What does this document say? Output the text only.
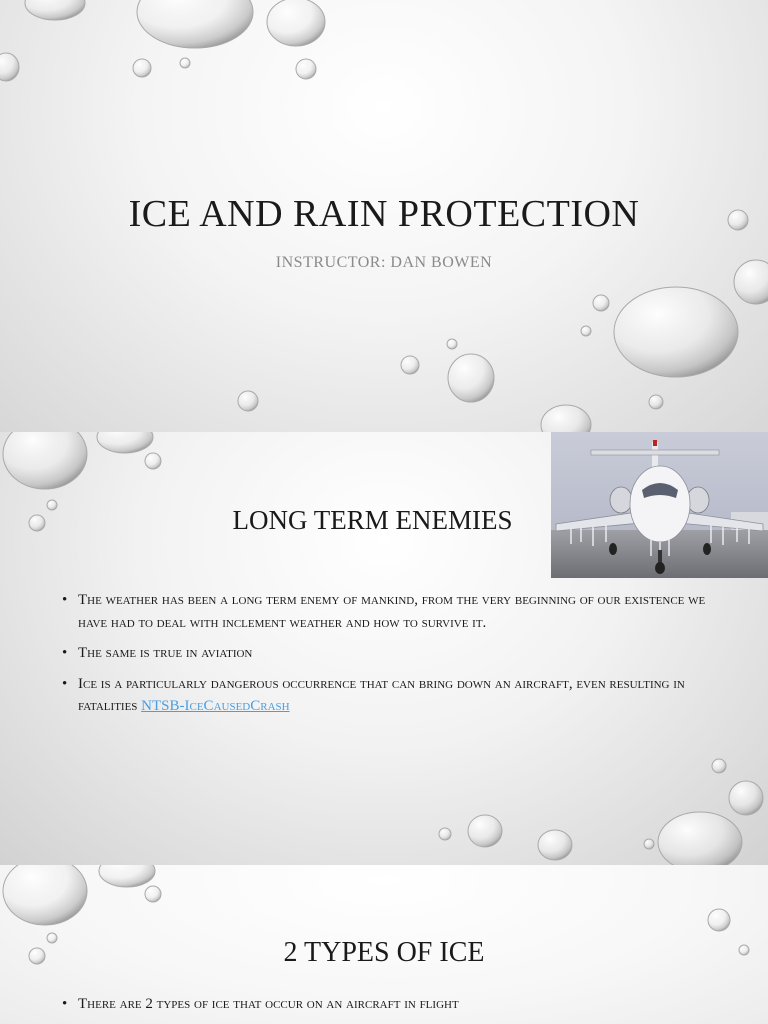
ICE AND RAIN PROTECTION
INSTRUCTOR: DAN BOWEN
LONG TERM ENEMIES
• The weather has been a long term enemy of mankind, from the very beginning of our existence we have had to deal with inclement weather and how to survive it.
• The same is true in aviation
• Ice is a particularly dangerous occurrence that can bring down an aircraft, even resulting in fatalities NTSB-IceCausedCrash
2 TYPES OF ICE
• There are 2 types of ice that occur on an aircraft in flight
